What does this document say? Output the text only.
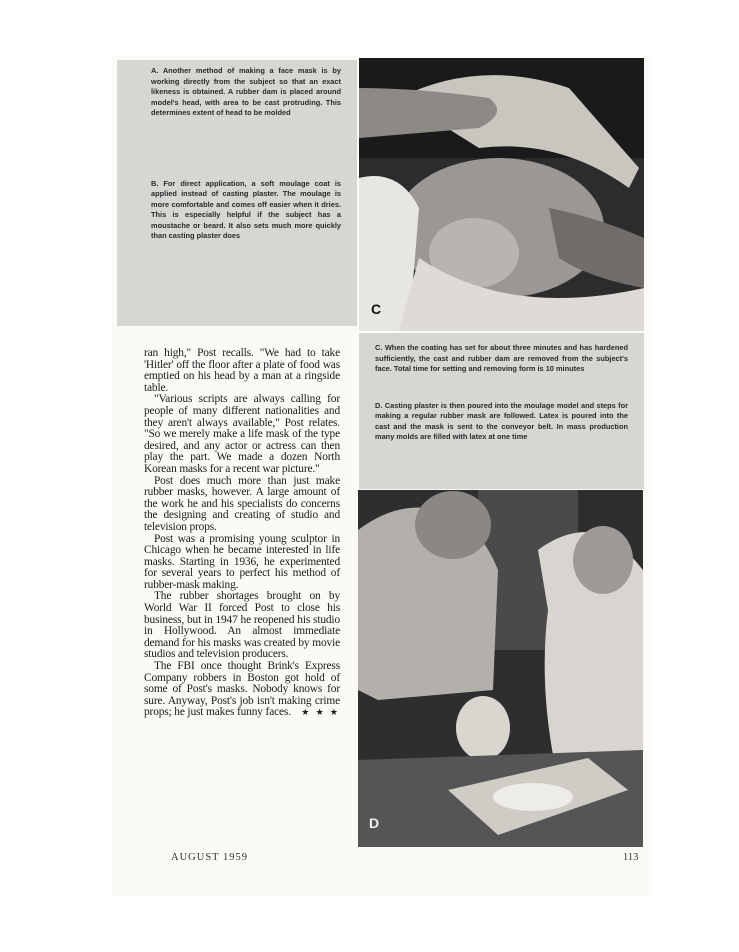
A. Another method of making a face mask is by working directly from the subject so that an exact likeness is obtained. A rubber dam is placed around model's head, with area to be cast protruding. This determines extent of head to be molded

B. For direct application, a soft moulage coat is applied instead of casting plaster. The moulage is more comfortable and comes off easier when it dries. This is especially helpful if the subject has a moustache or beard. It also sets much more quickly than casting plaster does

C

C. When the coating has set for about three minutes and has hardened sufficiently, the cast and rubber dam are removed from the subject's face. Total time for setting and removing form is 10 minutes

D. Casting plaster is then poured into the moulage model and steps for making a regular rubber mask are followed. Latex is poured into the cast and the mask is sent to the conveyor belt. In mass production many molds are filled with latex at one time

D

ran high," Post recalls. "We had to take 'Hitler' off the floor after a plate of food was emptied on his head by a man at a ringside table.

"Various scripts are always calling for people of many different nationalities and they aren't always available," Post relates. "So we merely make a life mask of the type desired, and any actor or actress can then play the part. We made a dozen North Korean masks for a recent war picture."

Post does much more than just make rubber masks, however. A large amount of the work he and his specialists do concerns the designing and creating of studio and television props.

Post was a promising young sculptor in Chicago when he became interested in life masks. Starting in 1936, he experimented for several years to perfect his method of rubber-mask making.

The rubber shortages brought on by World War II forced Post to close his business, but in 1947 he reopened his studio in Hollywood. An almost immediate demand for his masks was created by movie studios and television producers.

The FBI once thought Brink's Express Company robbers in Boston got hold of some of Post's masks. Nobody knows for sure. Anyway, Post's job isn't making crime props; he just makes funny faces.	★ ★ ★

AUGUST 1959	113
